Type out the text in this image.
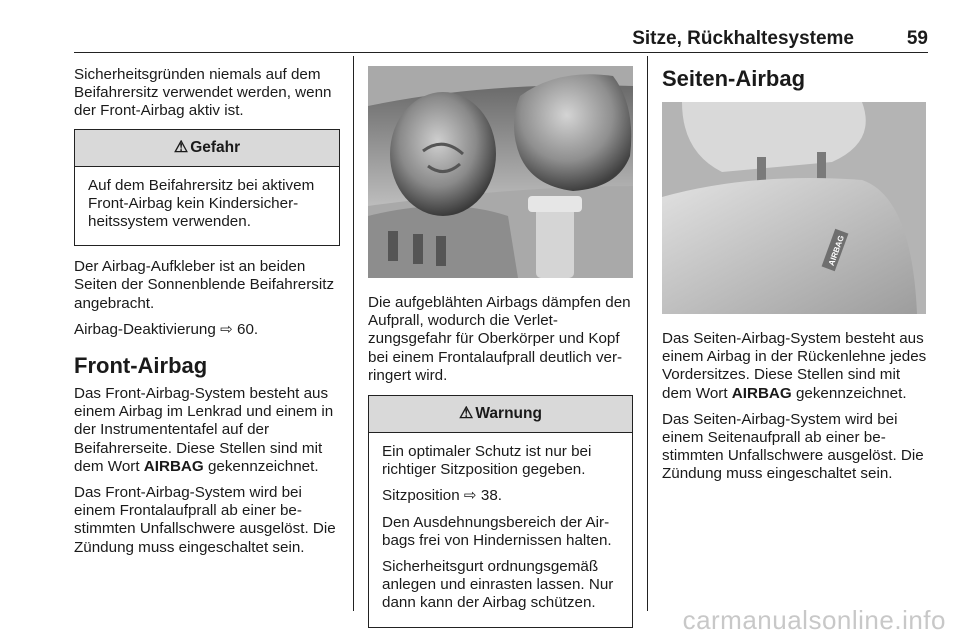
Sitze, Rückhaltesysteme	59

Sicherheitsgründen niemals auf dem Beifahrersitz verwendet werden, wenn der Front-Airbag aktiv ist.

⚠ Gefahr

Auf dem Beifahrersitz bei aktivem Front-Airbag kein Kindersicherheitssystem verwenden.

Der Airbag-Aufkleber ist an beiden Seiten der Sonnenblende Beifahrersitz angebracht.

Airbag-Deaktivierung ⇨ 60.

Front-Airbag

Das Front-Airbag-System besteht aus einem Airbag im Lenkrad und einem in der Instrumententafel auf der Beifahrerseite. Diese Stellen sind mit dem Wort AIRBAG gekennzeichnet.

Das Front-Airbag-System wird bei einem Frontalaufprall ab einer bestimmten Unfallschwere ausgelöst. Die Zündung muss eingeschaltet sein.

Die aufgeblähten Airbags dämpfen den Aufprall, wodurch die Verletzungsgefahr für Oberkörper und Kopf bei einem Frontalaufprall deutlich verringert wird.

⚠ Warnung

Ein optimaler Schutz ist nur bei richtiger Sitzposition gegeben.

Sitzposition ⇨ 38.

Den Ausdehnungsbereich der Airbags frei von Hindernissen halten.

Sicherheitsgurt ordnungsgemäß anlegen und einrasten lassen. Nur dann kann der Airbag schützen.

Seiten-Airbag
AIRBAG

Das Seiten-Airbag-System besteht aus einem Airbag in der Rückenlehne jedes Vordersitzes. Diese Stellen sind mit dem Wort AIRBAG gekennzeichnet.

Das Seiten-Airbag-System wird bei einem Seitenaufprall ab einer bestimmten Unfallschwere ausgelöst. Die Zündung muss eingeschaltet sein.

carmanualsonline.info
